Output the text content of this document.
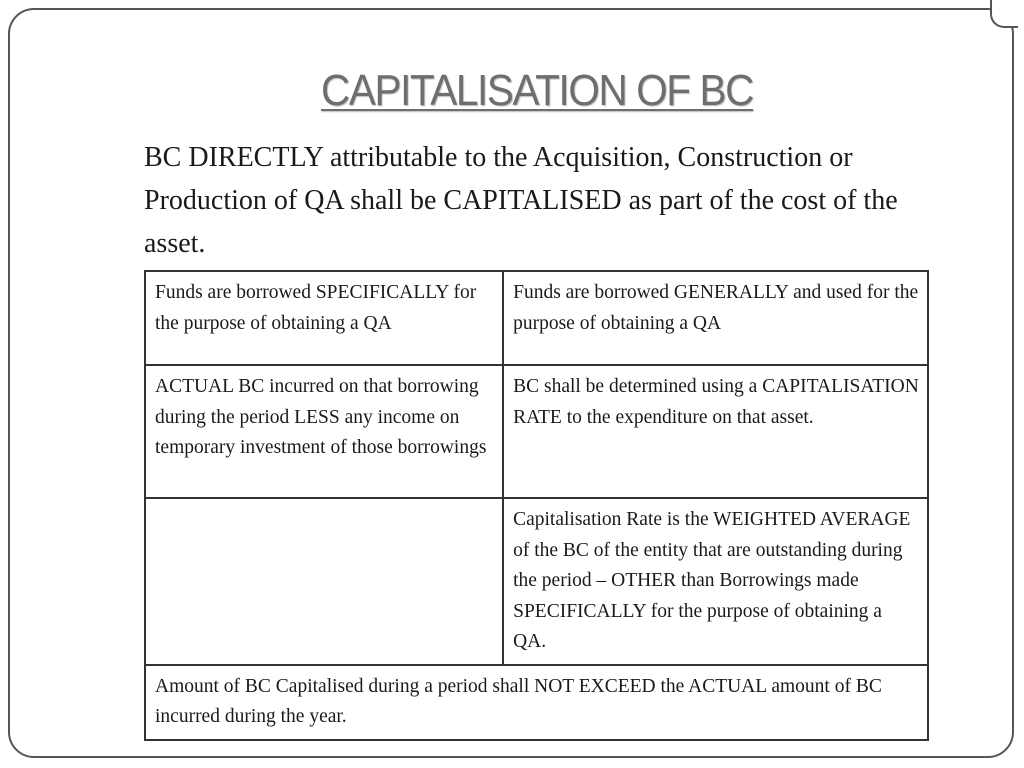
CAPITALISATION OF BC
BC DIRECTLY attributable to the Acquisition, Construction or Production of QA shall be CAPITALISED as part of the cost of the asset.
Funds are borrowed SPECIFICALLY for the purpose of obtaining a QA	Funds are borrowed GENERALLY and used for the purpose of obtaining a QA
ACTUAL BC incurred on that borrowing during the period LESS any income on temporary investment of those borrowings	BC shall be determined using a CAPITALISATION RATE to the expenditure on that asset.
	Capitalisation Rate is the WEIGHTED AVERAGE of the BC of the entity that are outstanding during the period – OTHER than Borrowings made SPECIFICALLY for the purpose of obtaining a QA.
Amount of BC Capitalised during a period shall NOT EXCEED the ACTUAL amount of BC incurred during the year.	
